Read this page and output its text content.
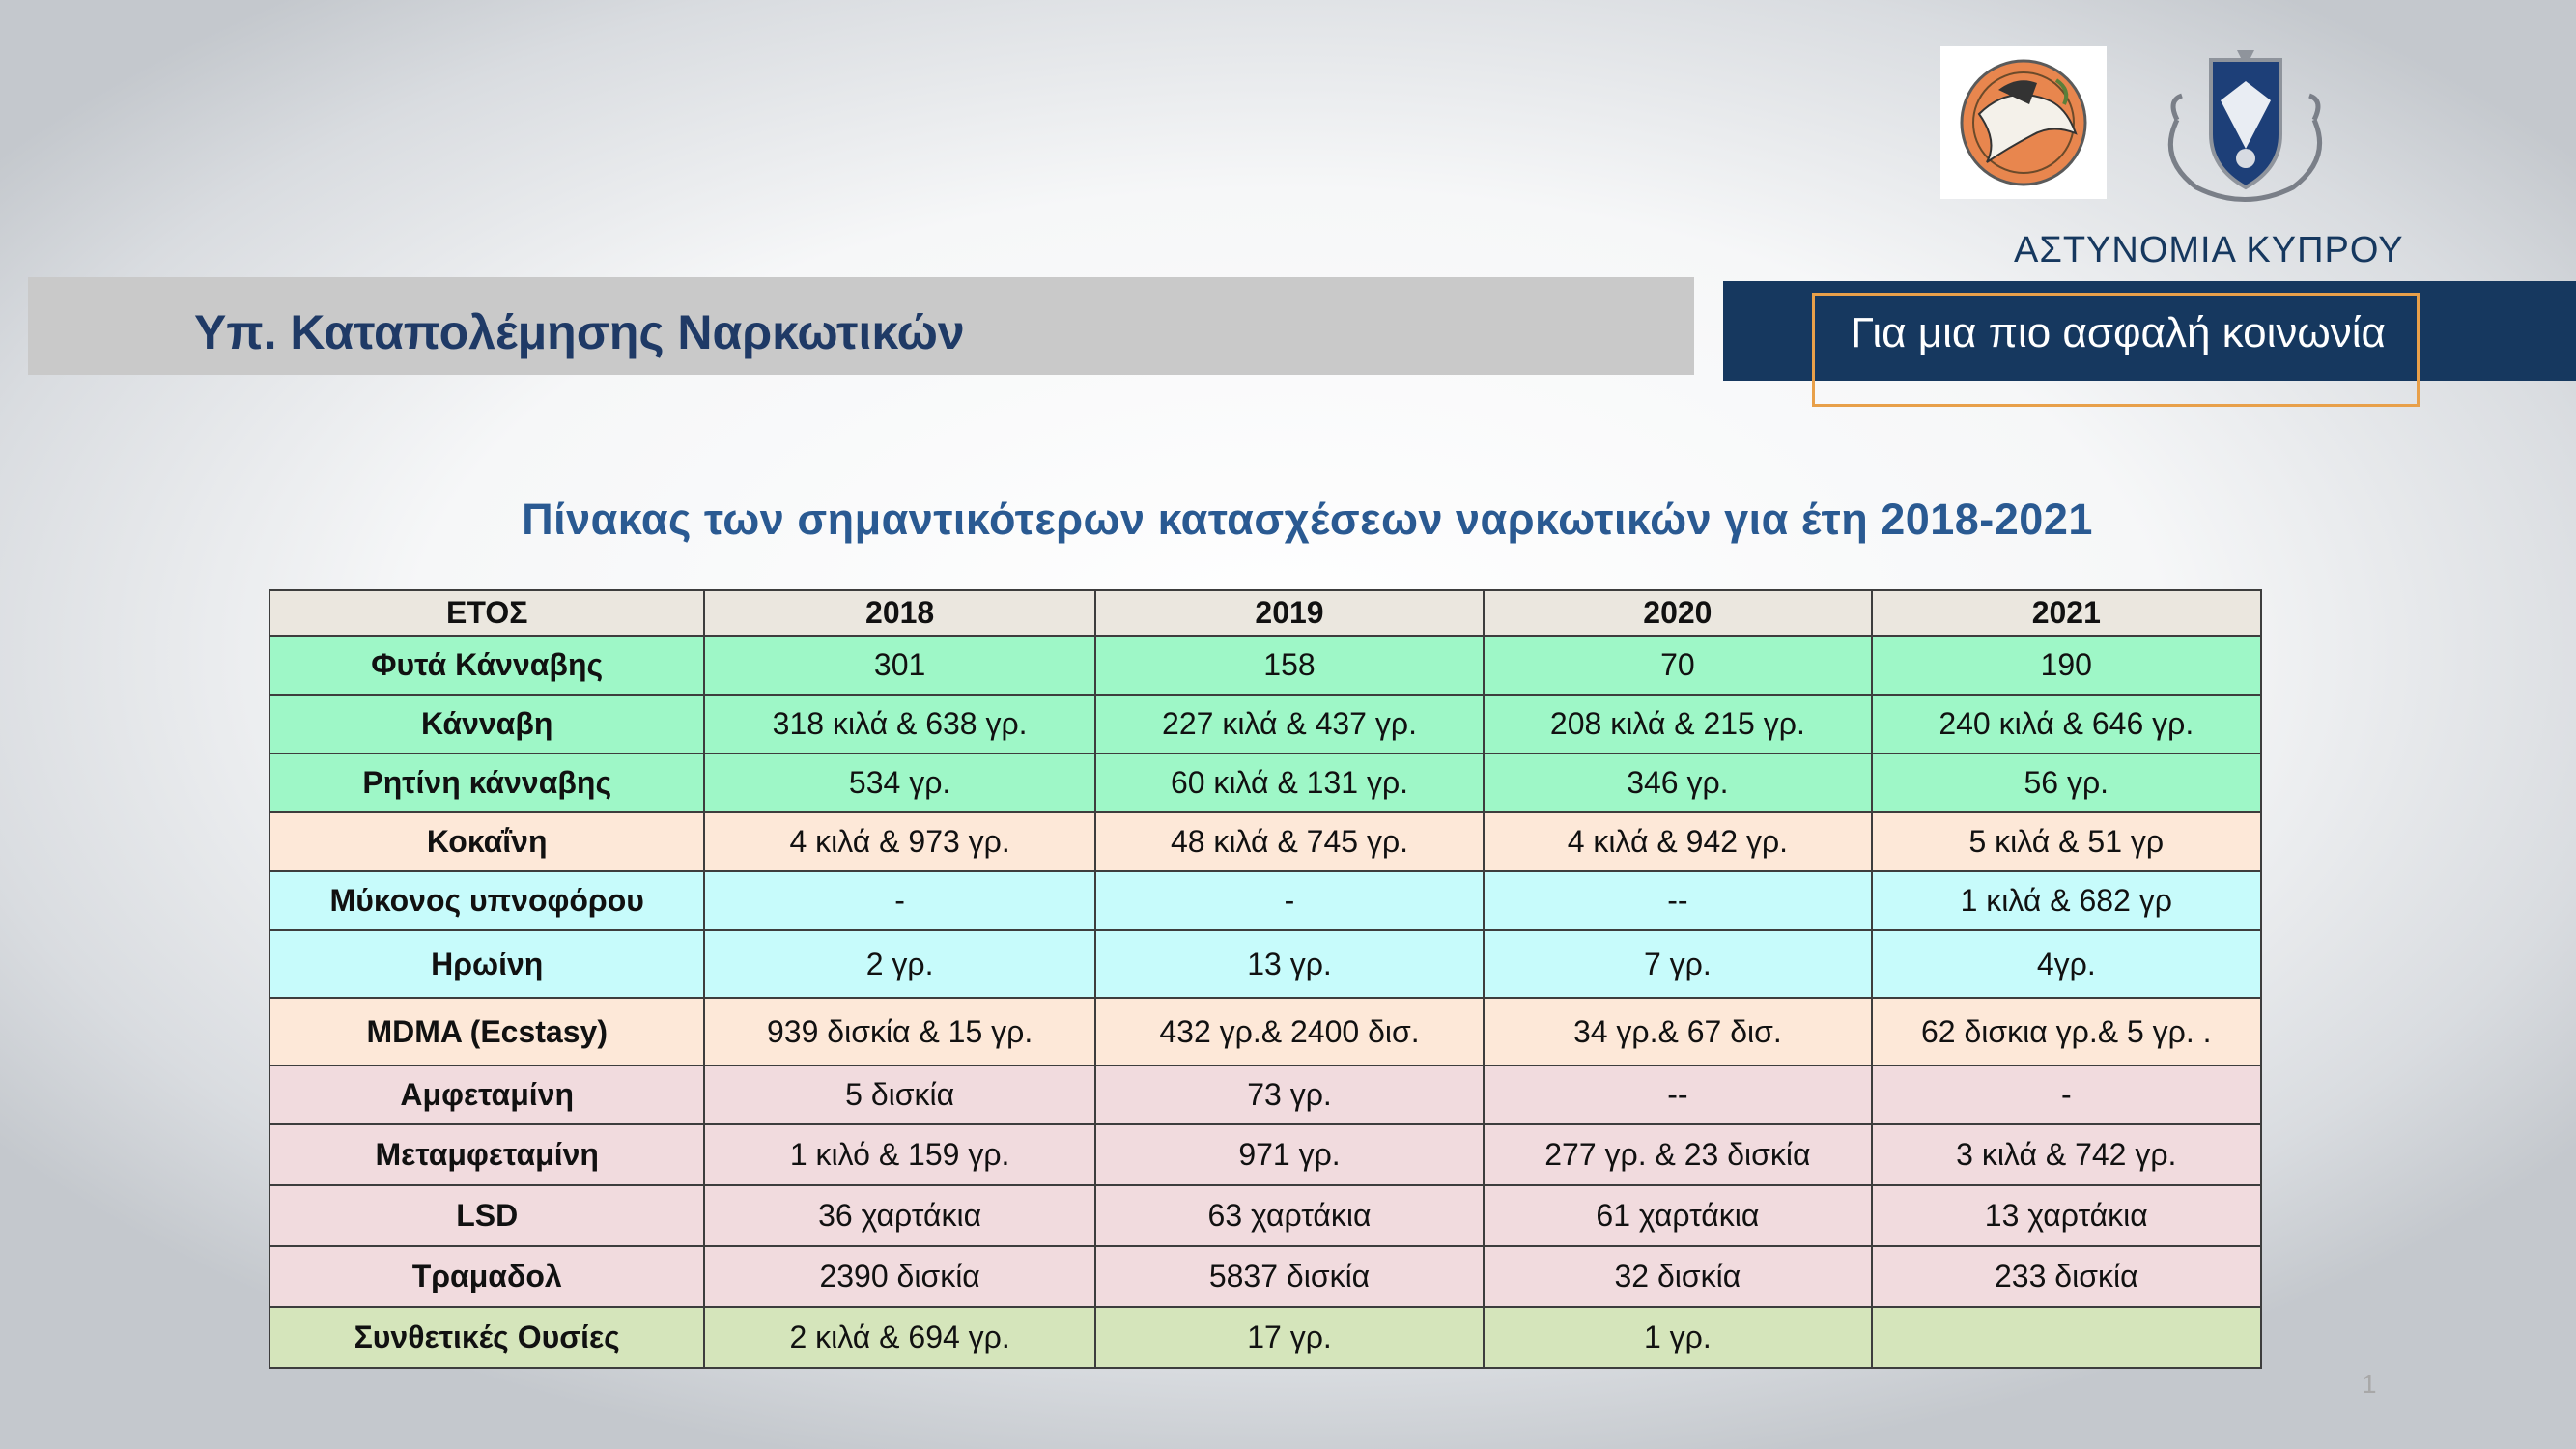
ΑΣΤΥΝΟΜΙΑ ΚΥΠΡΟΥ
Υπ. Καταπολέμησης Ναρκωτικών	Για μια πιο ασφαλή κοινωνία
Πίνακας των σημαντικότερων κατασχέσεων ναρκωτικών για έτη 2018-2021
ΕΤΟΣ	2018	2019	2020	2021
Φυτά Κάνναβης	301	158	70	190
Κάνναβη	318 κιλά & 638 γρ.	227 κιλά & 437 γρ.	208 κιλά & 215 γρ.	240 κιλά & 646 γρ.
Ρητίνη κάνναβης	534 γρ.	60 κιλά & 131 γρ.	346 γρ.	56 γρ.
Κοκαΐνη	4 κιλά & 973 γρ.	48 κιλά & 745 γρ.	4 κιλά & 942 γρ.	5 κιλά & 51 γρ
Μύκονος υπνοφόρου	-	-	--	1 κιλά & 682 γρ
Ηρωίνη	2 γρ.	13 γρ.	7 γρ.	4γρ.
MDMA (Ecstasy)	939 δισκία & 15 γρ.	432 γρ.& 2400 δισ.	34 γρ.& 67 δισ.	62 δισκια γρ.& 5 γρ. .
Αμφεταμίνη	5 δισκία	73 γρ.	--	-
Μεταμφεταμίνη	1 κιλό & 159 γρ.	971 γρ.	277 γρ. & 23 δισκία	3 κιλά & 742 γρ.
LSD	36 χαρτάκια	63 χαρτάκια	61 χαρτάκια	13 χαρτάκια
Τραμαδολ	2390 δισκία	5837 δισκία	32 δισκία	233 δισκία
Συνθετικές Ουσίες	2 κιλά & 694 γρ.	17 γρ.	1 γρ.	
1
